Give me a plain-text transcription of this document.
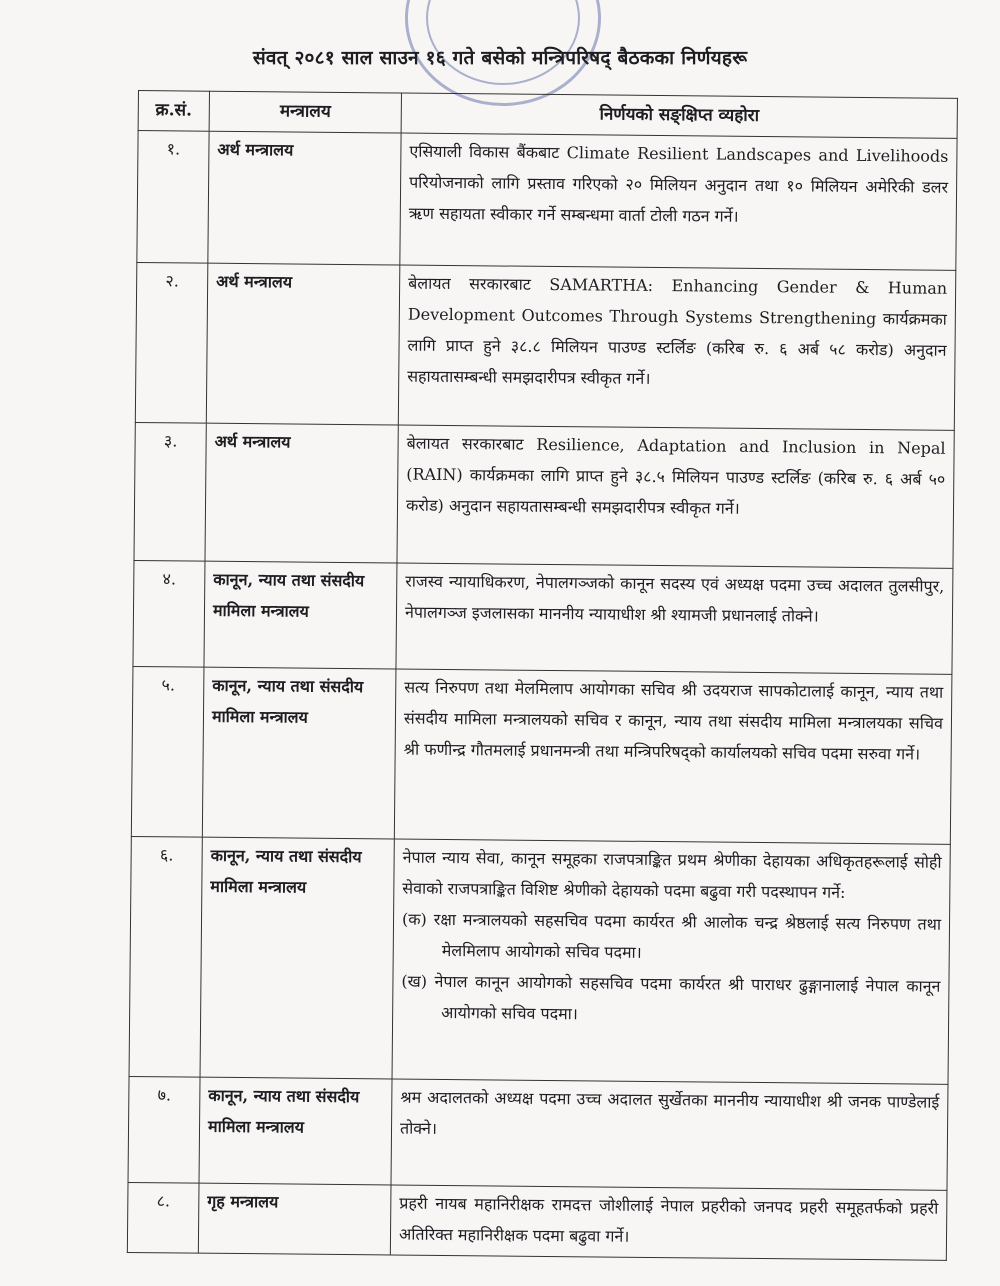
संवत् २०८१ साल साउन १६ गते बसेको मन्त्रिपरिषद् बैठकका निर्णयहरू
क्र.सं.	मन्त्रालय	निर्णयको सङ्क्षिप्त व्यहोरा
१.	अर्थ मन्त्रालय	एसियाली विकास बैंकबाट Climate Resilient Landscapes and Livelihoods परियोजनाको लागि प्रस्ताव गरिएको २० मिलियन अनुदान तथा १० मिलियन अमेरिकी डलर ऋण सहायता स्वीकार गर्ने सम्बन्धमा वार्ता टोली गठन गर्ने।
२.	अर्थ मन्त्रालय	बेलायत सरकारबाट SAMARTHA: Enhancing Gender & Human Development Outcomes Through Systems Strengthening कार्यक्रमका लागि प्राप्त हुने ३८.८ मिलियन पाउण्ड स्टर्लिङ (करिब रु. ६ अर्ब ५८ करोड) अनुदान सहायतासम्बन्धी समझदारीपत्र स्वीकृत गर्ने।
३.	अर्थ मन्त्रालय	बेलायत सरकारबाट Resilience, Adaptation and Inclusion in Nepal (RAIN) कार्यक्रमका लागि प्राप्त हुने ३८.५ मिलियन पाउण्ड स्टर्लिङ (करिब रु. ६ अर्ब ५० करोड) अनुदान सहायतासम्बन्धी समझदारीपत्र स्वीकृत गर्ने।
४.	कानून, न्याय तथा संसदीय मामिला मन्त्रालय	राजस्व न्यायाधिकरण, नेपालगञ्जको कानून सदस्य एवं अध्यक्ष पदमा उच्च अदालत तुलसीपुर, नेपालगञ्ज इजलासका माननीय न्यायाधीश श्री श्यामजी प्रधानलाई तोक्ने।
५.	कानून, न्याय तथा संसदीय मामिला मन्त्रालय	सत्य निरुपण तथा मेलमिलाप आयोगका सचिव श्री उदयराज सापकोटालाई कानून, न्याय तथा संसदीय मामिला मन्त्रालयको सचिव र कानून, न्याय तथा संसदीय मामिला मन्त्रालयका सचिव श्री फणीन्द्र गौतमलाई प्रधानमन्त्री तथा मन्त्रिपरिषद्को कार्यालयको सचिव पदमा सरुवा गर्ने।
६.	कानून, न्याय तथा संसदीय मामिला मन्त्रालय	नेपाल न्याय सेवा, कानून समूहका राजपत्राङ्कित प्रथम श्रेणीका देहायका अधिकृतहरूलाई सोही सेवाको राजपत्राङ्कित विशिष्ट श्रेणीको देहायको पदमा बढुवा गरी पदस्थापन गर्ने:
(क) रक्षा मन्त्रालयको सहसचिव पदमा कार्यरत श्री आलोक चन्द्र श्रेष्ठलाई सत्य निरुपण तथा मेलमिलाप आयोगको सचिव पदमा।
(ख) नेपाल कानून आयोगको सहसचिव पदमा कार्यरत श्री पाराधर ढुङ्गानालाई नेपाल कानून आयोगको सचिव पदमा।

७.	कानून, न्याय तथा संसदीय मामिला मन्त्रालय	श्रम अदालतको अध्यक्ष पदमा उच्च अदालत सुर्खेतका माननीय न्यायाधीश श्री जनक पाण्डेलाई तोक्ने।
८.	गृह मन्त्रालय	प्रहरी नायब महानिरीक्षक रामदत्त जोशीलाई नेपाल प्रहरीको जनपद प्रहरी समूहतर्फको प्रहरी अतिरिक्त महानिरीक्षक पदमा बढुवा गर्ने।
